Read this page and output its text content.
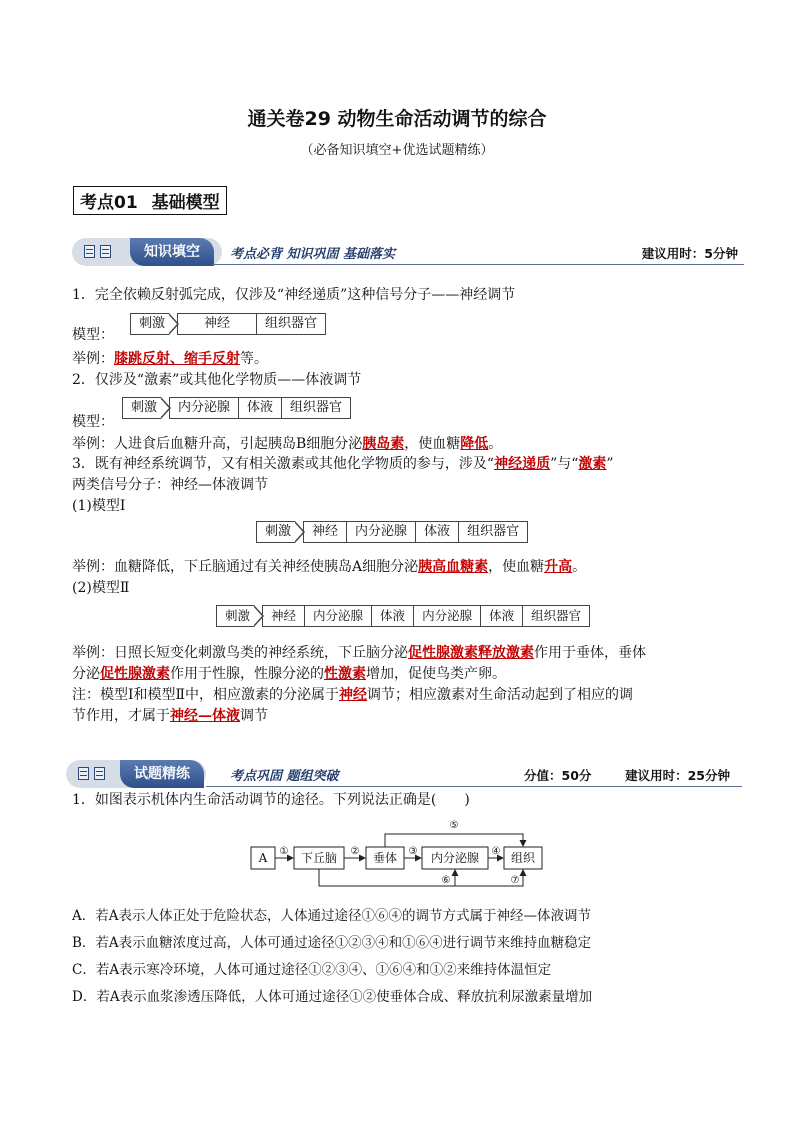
通关卷29 动物生命活动调节的综合
（必备知识填空+优选试题精练）
考点01 基础模型
知识填空	考点必背 知识巩固 基础落实	建议用时：5分钟
1．完全依赖反射弧完成，仅涉及“神经递质”这种信号分子——神经调节
模型：
刺激	神经	组织器官
举例：膝跳反射、缩手反射等。
2．仅涉及“激素”或其他化学物质——体液调节
模型：
刺激	内分泌腺	体液	组织器官
举例：人进食后血糖升高，引起胰岛B细胞分泌胰岛素，使血糖降低。
3．既有神经系统调节，又有相关激素或其他化学物质的参与，涉及“神经递质”与“激素”
两类信号分子：神经—体液调节
(1)模型Ⅰ
刺激	神经	内分泌腺	体液	组织器官
举例：血糖降低，下丘脑通过有关神经使胰岛A细胞分泌胰高血糖素，使血糖升高。
(2)模型Ⅱ
刺激	神经	内分泌腺	体液	内分泌腺	体液	组织器官
举例：日照长短变化刺激鸟类的神经系统，下丘脑分泌促性腺激素释放激素作用于垂体，垂体
分泌促性腺激素作用于性腺，性腺分泌的性激素增加，促使鸟类产卵。
注：模型Ⅰ和模型Ⅱ中，相应激素的分泌属于神经调节；相应激素对生命活动起到了相应的调
节作用，才属于神经—体液调节
试题精练	考点巩固 题组突破	分值：50分	建议用时：25分钟
1．如图表示机体内生命活动调节的途径。下列说法正确是(　　)
A	下丘脑	垂体	内分泌腺	组织
①	②	③	④
⑤
⑥	⑦
A．若A表示人体正处于危险状态，人体通过途径①⑥④的调节方式属于神经—体液调节
B．若A表示血糖浓度过高，人体可通过途径①②③④和①⑥④进行调节来维持血糖稳定
C．若A表示寒冷环境，人体可通过途径①②③④、①⑥④和①②来维持体温恒定
D．若A表示血浆渗透压降低，人体可通过途径①②使垂体合成、释放抗利尿激素量增加
